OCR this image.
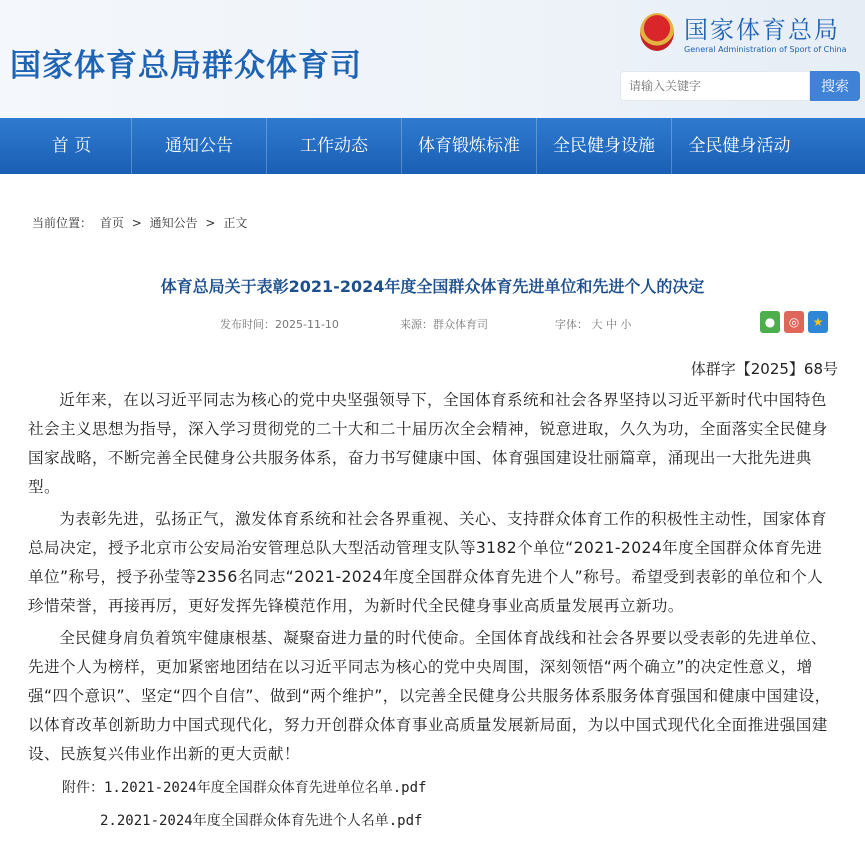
国家体育总局群众体育司
国家体育总局
General Administration of Sport of China
请输入关键字
搜索
首 页	通知公告	工作动态	体育锻炼标准	全民健身设施	全民健身活动
当前位置： 首页 > 通知公告 > 正文
体育总局关于表彰2021-2024年度全国群众体育先进单位和先进个人的决定
发布时间：2025-11-10	来源：群众体育司	字体： 大 中 小	●	◎	★
体群字【2025】68号

近年来，在以习近平同志为核心的党中央坚强领导下，全国体育系统和社会各界坚持以习近平新时代中国特色社会主义思想为指导，深入学习贯彻党的二十大和二十届历次全会精神，锐意进取，久久为功，全面落实全民健身国家战略，不断完善全民健身公共服务体系，奋力书写健康中国、体育强国建设壮丽篇章，涌现出一大批先进典型。

为表彰先进，弘扬正气，激发体育系统和社会各界重视、关心、支持群众体育工作的积极性主动性，国家体育总局决定，授予北京市公安局治安管理总队大型活动管理支队等3182个单位“2021-2024年度全国群众体育先进单位”称号，授予孙莹等2356名同志“2021-2024年度全国群众体育先进个人”称号。希望受到表彰的单位和个人珍惜荣誉，再接再厉，更好发挥先锋模范作用，为新时代全民健身事业高质量发展再立新功。

全民健身肩负着筑牢健康根基、凝聚奋进力量的时代使命。全国体育战线和社会各界要以受表彰的先进单位、先进个人为榜样，更加紧密地团结在以习近平同志为核心的党中央周围，深刻领悟“两个确立”的决定性意义，增强“四个意识”、坚定“四个自信”、做到“两个维护”，以完善全民健身公共服务体系服务体育强国和健康中国建设，以体育改革创新助力中国式现代化，努力开创群众体育事业高质量发展新局面，为以中国式现代化全面推进强国建设、民族复兴伟业作出新的更大贡献！

附件：1.2021-2024年度全国群众体育先进单位名单.pdf
2.2021-2024年度全国群众体育先进个人名单.pdf
